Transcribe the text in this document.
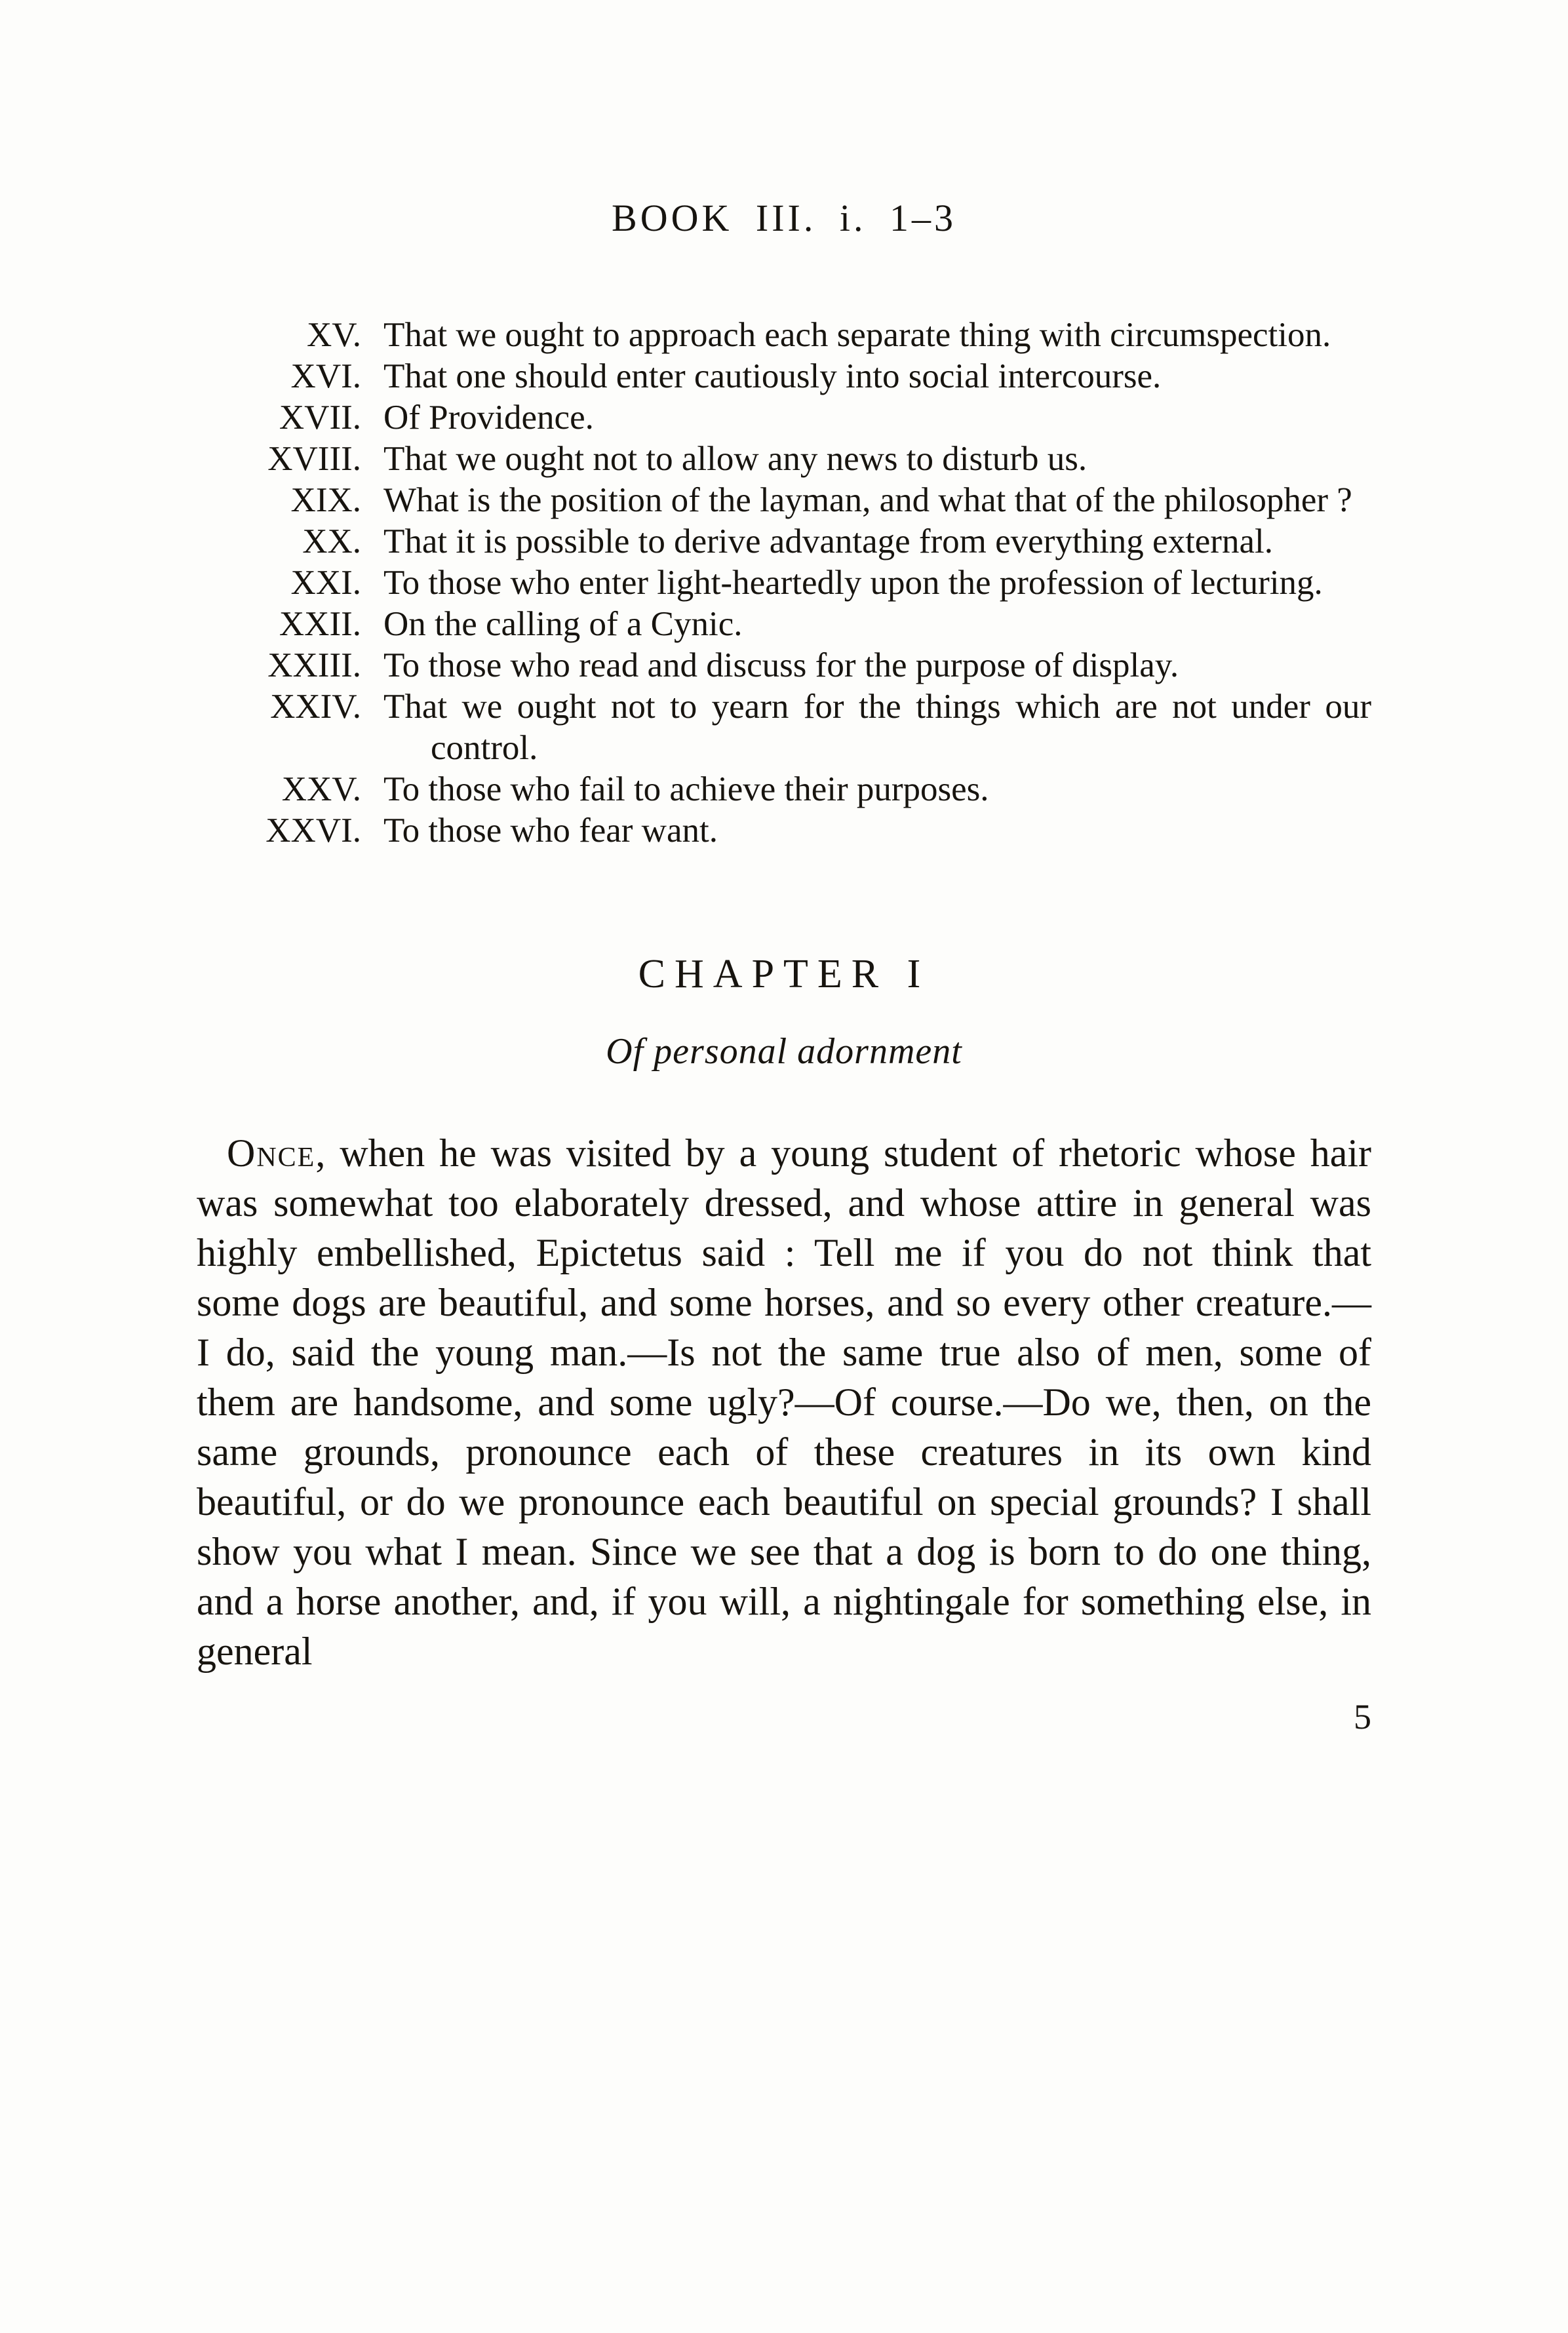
BOOK III. i. 1–3
XV. That we ought to approach each separate thing with circumspection.
XVI. That one should enter cautiously into social intercourse.
XVII. Of Providence.
XVIII. That we ought not to allow any news to disturb us.
XIX. What is the position of the layman, and what that of the philosopher ?
XX. That it is possible to derive advantage from everything external.
XXI. To those who enter light-heartedly upon the profession of lecturing.
XXII. On the calling of a Cynic.
XXIII. To those who read and discuss for the purpose of display.
XXIV. That we ought not to yearn for the things which are not under our control.
XXV. To those who fail to achieve their purposes.
XXVI. To those who fear want.
CHAPTER I
Of personal adornment

Once, when he was visited by a young student of rhetoric whose hair was somewhat too elaborately dressed, and whose attire in general was highly embellished, Epictetus said : Tell me if you do not think that some dogs are beautiful, and some horses, and so every other creature.—I do, said the young man.—Is not the same true also of men, some of them are handsome, and some ugly?—Of course.—Do we, then, on the same grounds, pronounce each of these creatures in its own kind beautiful, or do we pronounce each beautiful on special grounds? I shall show you what I mean. Since we see that a dog is born to do one thing, and a horse another, and, if you will, a nightingale for something else, in general

5
